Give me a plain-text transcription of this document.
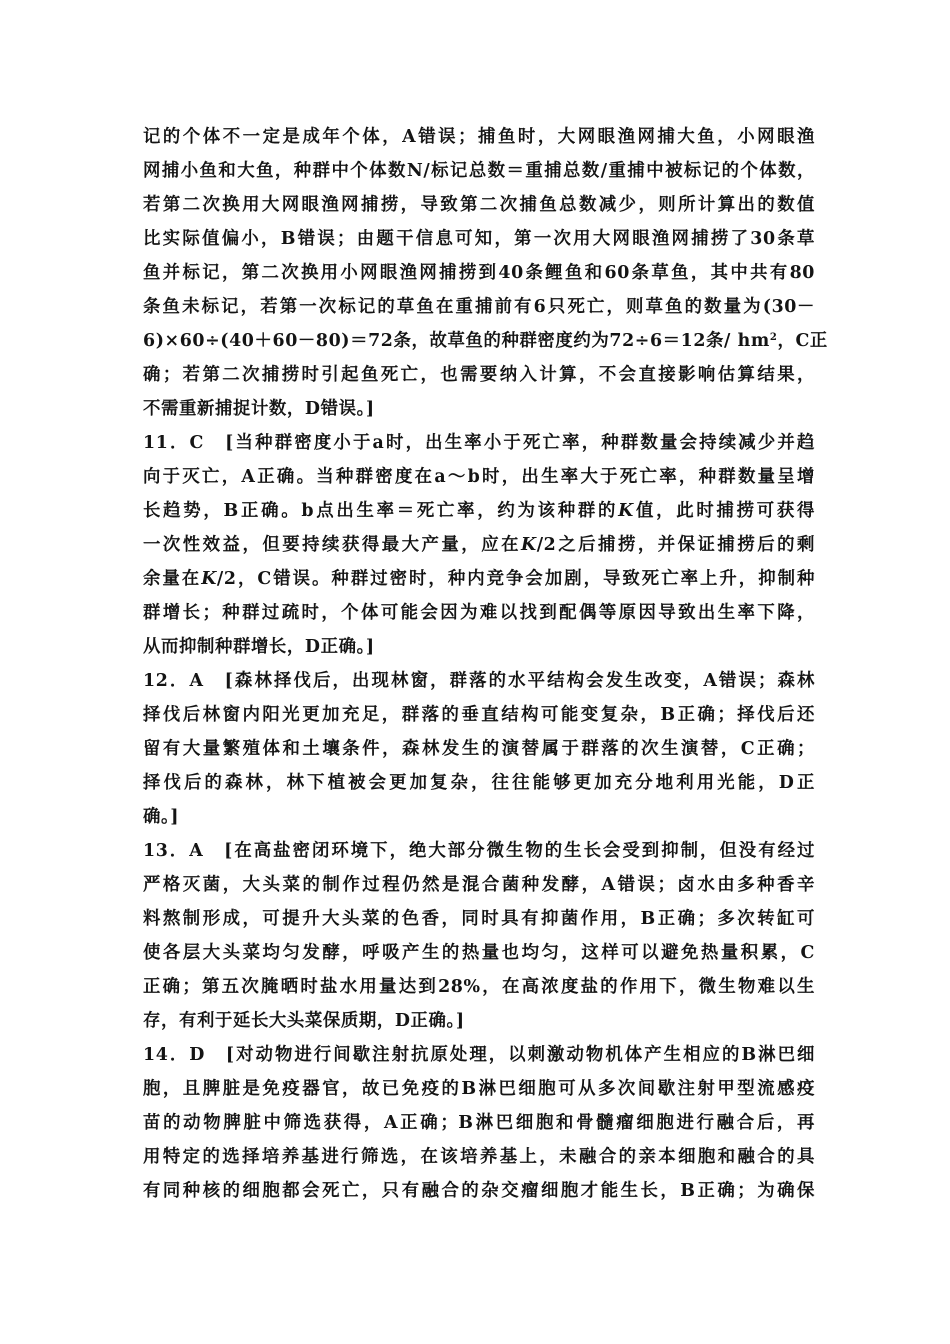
记的个体不一定是成年个体，A错误；捕鱼时，大网眼渔网捕大鱼，小网眼渔
网捕小鱼和大鱼，种群中个体数N/标记总数＝重捕总数/重捕中被标记的个体数，
若第二次换用大网眼渔网捕捞，导致第二次捕鱼总数减少，则所计算出的数值
比实际值偏小，B错误；由题干信息可知，第一次用大网眼渔网捕捞了30条草
鱼并标记，第二次换用小网眼渔网捕捞到40条鲤鱼和60条草鱼，其中共有80
条鱼未标记，若第一次标记的草鱼在重捕前有6只死亡，则草鱼的数量为(30－
6)×60÷(40＋60－80)＝72条，故草鱼的种群密度约为72÷6＝12条/ $hm^2$，C正
确；若第二次捕捞时引起鱼死亡，也需要纳入计算，不会直接影响估算结果，
不需重新捕捉计数，D错误。]
11．C　[当种群密度小于a时，出生率小于死亡率，种群数量会持续减少并趋
向于灭亡，A正确。当种群密度在a～b时，出生率大于死亡率，种群数量呈增
长趋势，B正确。b点出生率＝死亡率，约为该种群的K值，此时捕捞可获得
一次性效益，但要持续获得最大产量，应在K/2之后捕捞，并保证捕捞后的剩
余量在K/2，C错误。种群过密时，种内竞争会加剧，导致死亡率上升，抑制种
群增长；种群过疏时，个体可能会因为难以找到配偶等原因导致出生率下降，
从而抑制种群增长，D正确。]
12．A　[森林择伐后，出现林窗，群落的水平结构会发生改变，A错误；森林
择伐后林窗内阳光更加充足，群落的垂直结构可能变复杂，B正确；择伐后还
留有大量繁殖体和土壤条件，森林发生的演替属于群落的次生演替，C正确；
择伐后的森林，林下植被会更加复杂，往往能够更加充分地利用光能，D正
确。]
13．A　[在高盐密闭环境下，绝大部分微生物的生长会受到抑制，但没有经过
严格灭菌，大头菜的制作过程仍然是混合菌种发酵，A错误；卤水由多种香辛
料熬制形成，可提升大头菜的色香，同时具有抑菌作用，B正确；多次转缸可
使各层大头菜均匀发酵，呼吸产生的热量也均匀，这样可以避免热量积累，C
正确；第五次腌晒时盐水用量达到28%，在高浓度盐的作用下，微生物难以生
存，有利于延长大头菜保质期，D正确。]
14．D　[对动物进行间歇注射抗原处理，以刺激动物机体产生相应的B淋巴细
胞，且脾脏是免疫器官，故已免疫的B淋巴细胞可从多次间歇注射甲型流感疫
苗的动物脾脏中筛选获得，A正确；B淋巴细胞和骨髓瘤细胞进行融合后，再
用特定的选择培养基进行筛选，在该培养基上，未融合的亲本细胞和融合的具
有同种核的细胞都会死亡，只有融合的杂交瘤细胞才能生长，B正确；为确保
